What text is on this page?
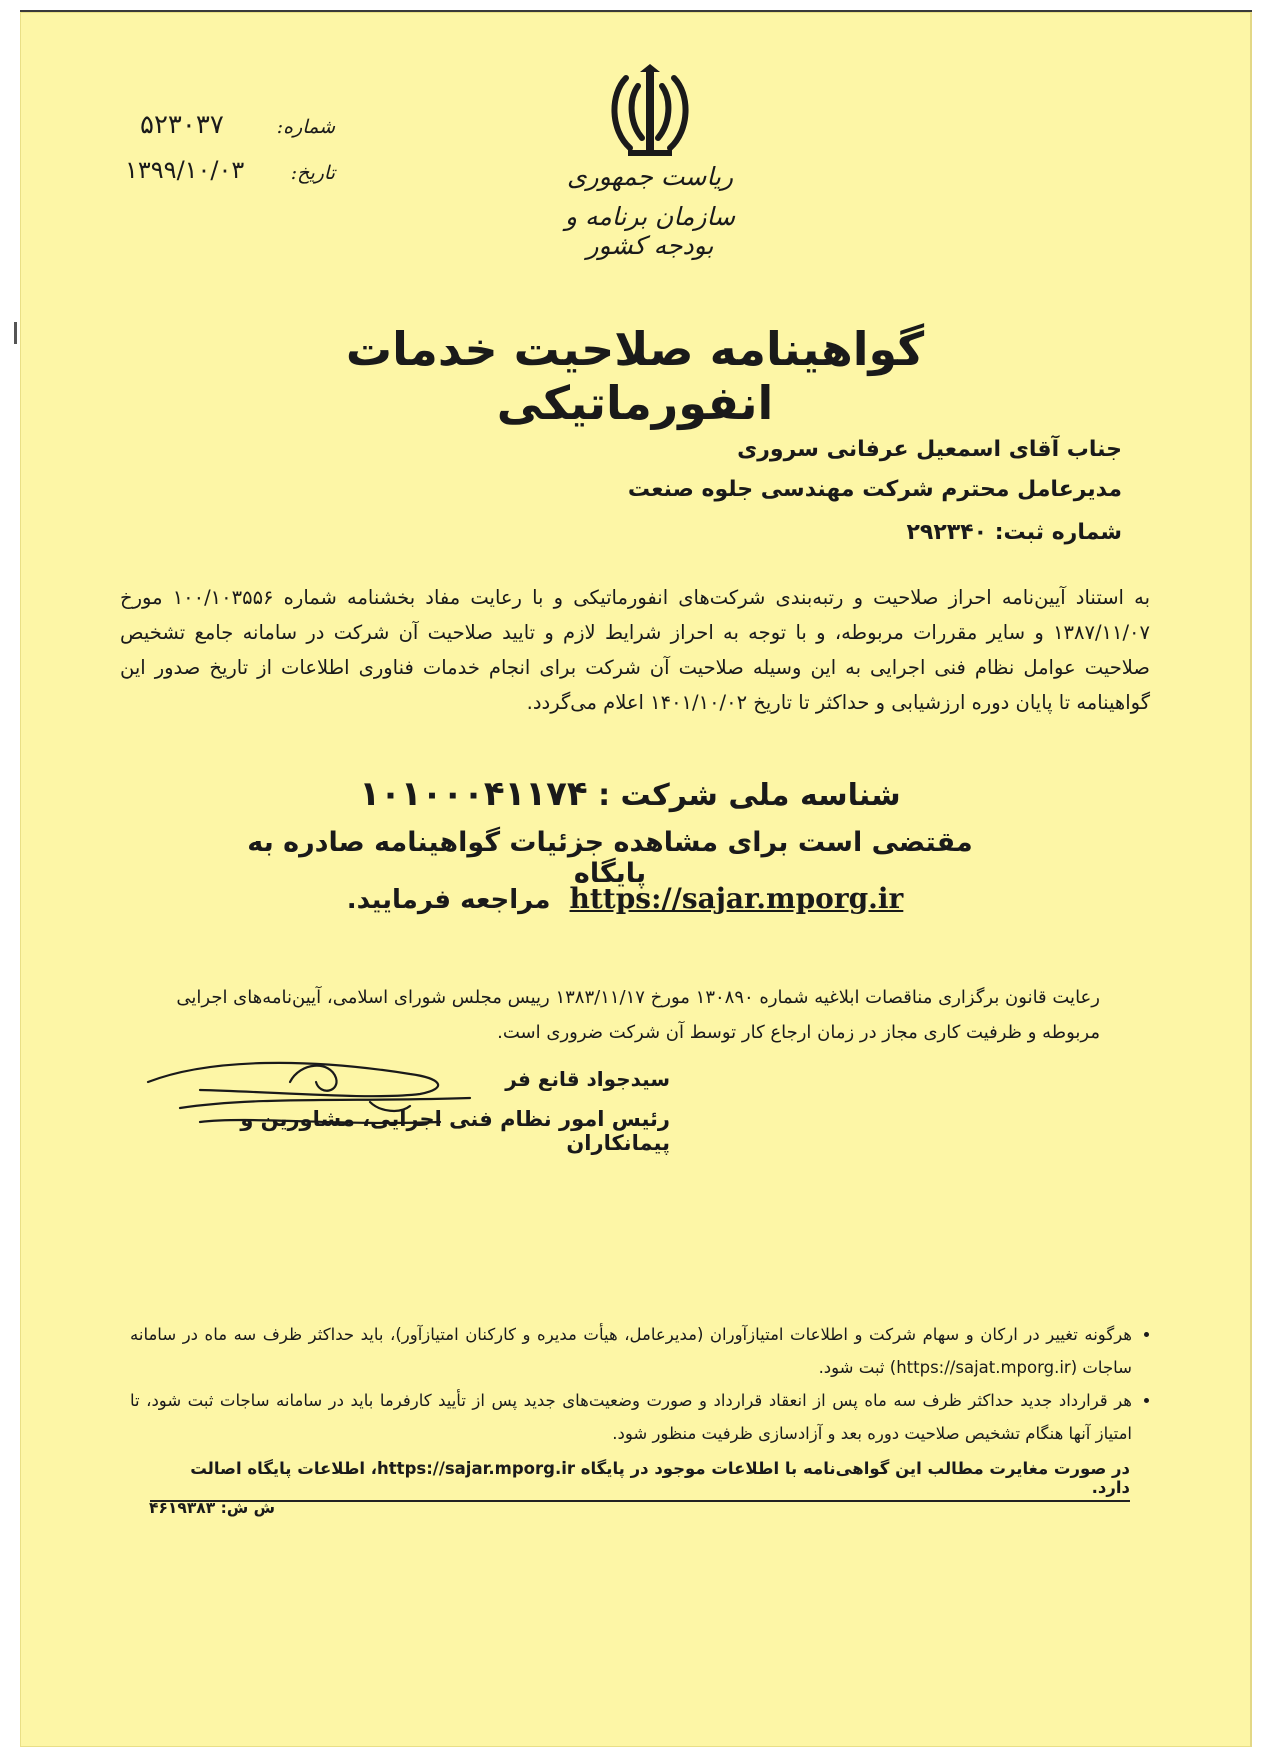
ریاست جمهوری
سازمان برنامه و بودجه کشور
شماره:
۵۲۳۰۳۷
تاریخ:
۱۳۹۹/۱۰/۰۳
گواهینامه صلاحیت خدمات انفورماتیکی
جناب آقای اسمعیل عرفانی سروری
مدیرعامل محترم شرکت مهندسی جلوه صنعت
شماره ثبت: ۲۹۲۳۴۰
به استناد آیین‌نامه احراز صلاحیت و رتبه‌بندی شرکت‌های انفورماتیکی و با رعایت مفاد بخشنامه شماره ۱۰۰/۱۰۳۵۵۶ مورخ ۱۳۸۷/۱۱/۰۷ و سایر مقررات مربوطه، و با توجه به احراز شرایط لازم و تایید صلاحیت آن شرکت در سامانه جامع تشخیص صلاحیت عوامل نظام فنی اجرایی به این وسیله صلاحیت آن شرکت برای انجام خدمات فناوری اطلاعات از تاریخ صدور این گواهینامه تا پایان دوره ارزشیابی و حداکثر تا تاریخ ۱۴۰۱/۱۰/۰۲ اعلام می‌گردد.
شناسه ملی شرکت : ۱۰۱۰۰۰۴۱۱۷۴
مقتضی است برای مشاهده جزئیات گواهینامه صادره به پایگاه
https://sajar.mporg.ir مراجعه فرمایید.
رعایت قانون برگزاری مناقصات ابلاغیه شماره ۱۳۰۸۹۰ مورخ ۱۳۸۳/۱۱/۱۷ رییس مجلس شورای اسلامی، آیین‌نامه‌های اجرایی مربوطه و ظرفیت کاری مجاز در زمان ارجاع کار توسط آن شرکت ضروری است.
سیدجواد قانع فر
رئیس امور نظام فنی اجرایی، مشاورین و پیمانکاران
• هرگونه تغییر در ارکان و سهام شرکت و اطلاعات امتیازآوران (مدیرعامل، هیأت مدیره و کارکنان امتیازآور)، باید حداکثر ظرف سه ماه در سامانه ساجات (https://sajat.mporg.ir) ثبت شود.
• هر قرارداد جدید حداکثر ظرف سه ماه پس از انعقاد قرارداد و صورت وضعیت‌های جدید پس از تأیید کارفرما باید در سامانه ساجات ثبت شود، تا امتیاز آنها هنگام تشخیص صلاحیت دوره بعد و آزادسازی ظرفیت منظور شود.
در صورت مغایرت مطالب این گواهی‌نامه با اطلاعات موجود در پایگاه https://sajar.mporg.ir، اطلاعات پایگاه اصالت دارد.
ش ش: ۴۶۱۹۳۸۳
